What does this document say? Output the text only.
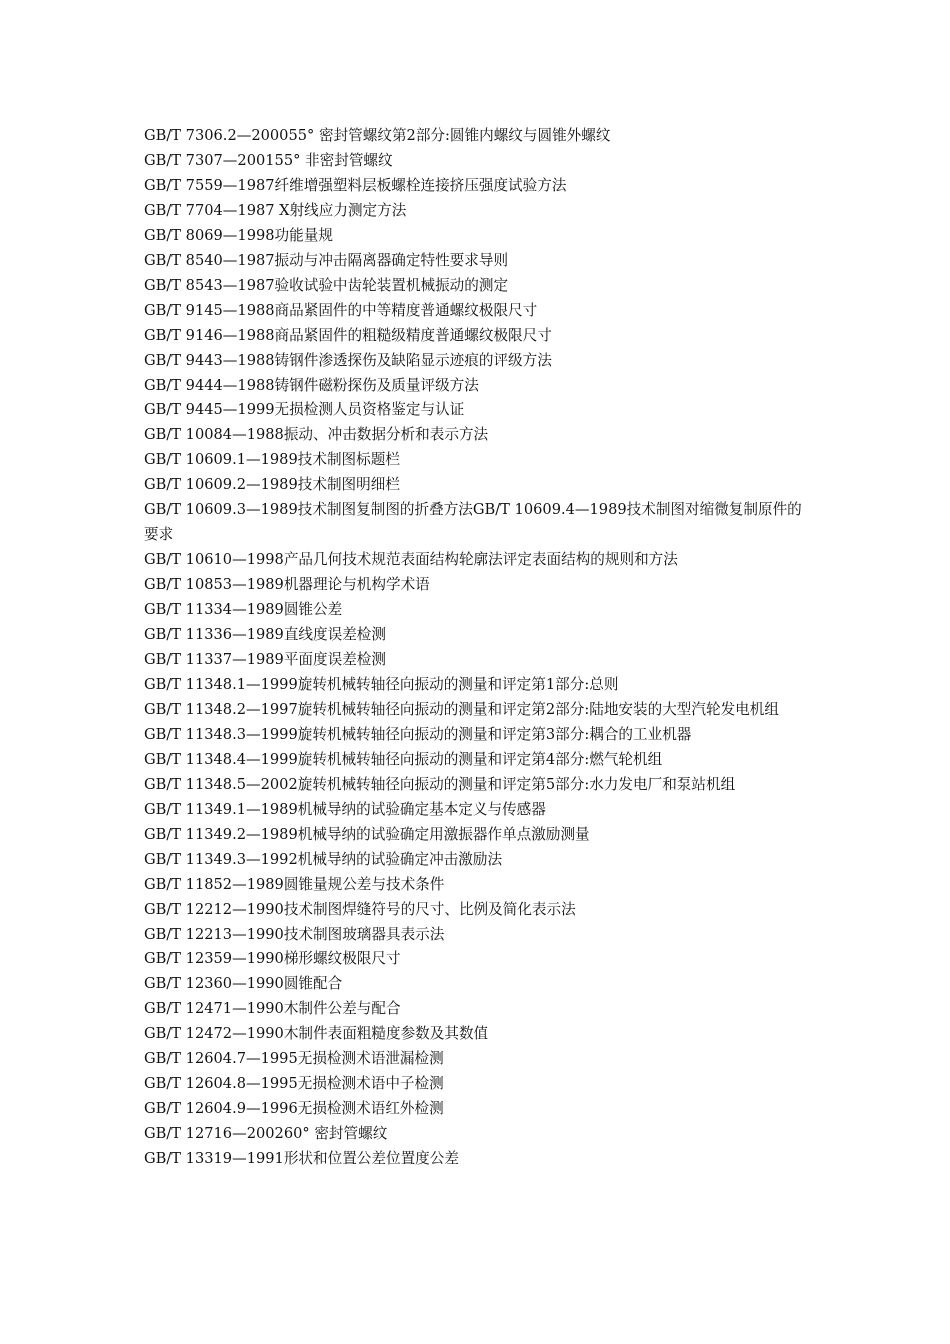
GB/T 7306.2—200055° 密封管螺纹第2部分:圆锥内螺纹与圆锥外螺纹
GB/T 7307—200155° 非密封管螺纹
GB/T 7559—1987纤维增强塑料层板螺栓连接挤压强度试验方法
GB/T 7704—1987 X射线应力测定方法
GB/T 8069—1998功能量规
GB/T 8540—1987振动与冲击隔离器确定特性要求导则
GB/T 8543—1987验收试验中齿轮装置机械振动的测定
GB/T 9145—1988商品紧固件的中等精度普通螺纹极限尺寸
GB/T 9146—1988商品紧固件的粗糙级精度普通螺纹极限尺寸
GB/T 9443—1988铸钢件渗透探伤及缺陷显示迹痕的评级方法
GB/T 9444—1988铸钢件磁粉探伤及质量评级方法
GB/T 9445—1999无损检测人员资格鉴定与认证
GB/T 10084—1988振动、冲击数据分析和表示方法
GB/T 10609.1—1989技术制图标题栏
GB/T 10609.2—1989技术制图明细栏
GB/T 10609.3—1989技术制图复制图的折叠方法GB/T 10609.4—1989技术制图对缩微复制原件的要求
GB/T 10610—1998产品几何技术规范表面结构轮廓法评定表面结构的规则和方法
GB/T 10853—1989机器理论与机构学术语
GB/T 11334—1989圆锥公差
GB/T 11336—1989直线度误差检测
GB/T 11337—1989平面度误差检测
GB/T 11348.1—1999旋转机械转轴径向振动的测量和评定第1部分:总则
GB/T 11348.2—1997旋转机械转轴径向振动的测量和评定第2部分:陆地安装的大型汽轮发电机组
GB/T 11348.3—1999旋转机械转轴径向振动的测量和评定第3部分:耦合的工业机器
GB/T 11348.4—1999旋转机械转轴径向振动的测量和评定第4部分:燃气轮机组
GB/T 11348.5—2002旋转机械转轴径向振动的测量和评定第5部分:水力发电厂和泵站机组
GB/T 11349.1—1989机械导纳的试验确定基本定义与传感器
GB/T 11349.2—1989机械导纳的试验确定用激振器作单点激励测量
GB/T 11349.3—1992机械导纳的试验确定冲击激励法
GB/T 11852—1989圆锥量规公差与技术条件
GB/T 12212—1990技术制图焊缝符号的尺寸、比例及简化表示法
GB/T 12213—1990技术制图玻璃器具表示法
GB/T 12359—1990梯形螺纹极限尺寸
GB/T 12360—1990圆锥配合
GB/T 12471—1990木制件公差与配合
GB/T 12472—1990木制件表面粗糙度参数及其数值
GB/T 12604.7—1995无损检测术语泄漏检测
GB/T 12604.8—1995无损检测术语中子检测
GB/T 12604.9—1996无损检测术语红外检测
GB/T 12716—200260° 密封管螺纹
GB/T 13319—1991形状和位置公差位置度公差
